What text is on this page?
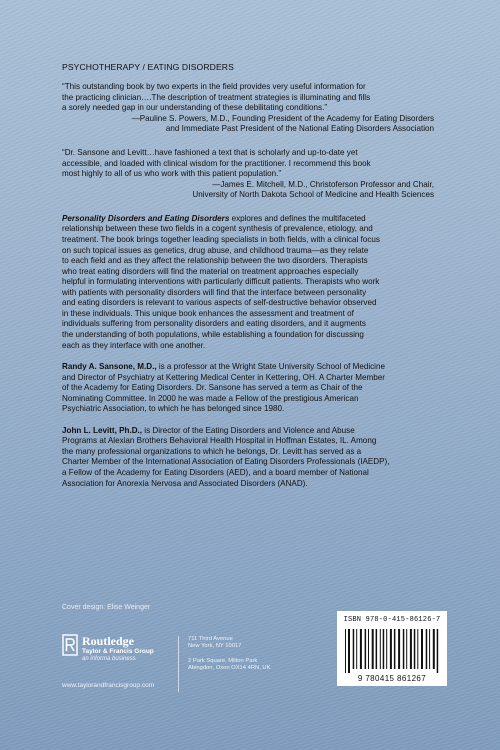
PSYCHOTHERAPY / EATING DISORDERS

“This outstanding book by two experts in the field provides very useful information for

the practicing clinician….The description of treatment strategies is illuminating and fills

a sorely needed gap in our understanding of these debilitating conditions.”

—Pauline S. Powers, M.D., Founding President of the Academy for Eating Disorders

and Immediate Past President of the National Eating Disorders Association

“Dr. Sansone and Levitt…have fashioned a text that is scholarly and up-to-date yet

accessible, and loaded with clinical wisdom for the practitioner. I recommend this book

most highly to all of us who work with this patient population.”

—James E. Mitchell, M.D., Christoferson Professor and Chair,

University of North Dakota School of Medicine and Health Sciences

Personality Disorders and Eating Disorders explores and defines the multifaceted
relationship between these two fields in a cogent synthesis of prevalence, etiology, and
treatment. The book brings together leading specialists in both fields, with a clinical focus
on such topical issues as genetics, drug abuse, and childhood trauma—as they relate
to each field and as they affect the relationship between the two disorders. Therapists
who treat eating disorders will find the material on treatment approaches especially
helpful in formulating interventions with particularly difficult patients. Therapists who work
with patients with personality disorders will find that the interface between personality
and eating disorders is relevant to various aspects of self-destructive behavior observed
in these individuals. This unique book enhances the assessment and treatment of
individuals suffering from personality disorders and eating disorders, and it augments
the understanding of both populations, while establishing a foundation for discussing
each as they interface with one another.
Randy A. Sansone, M.D., is a professor at the Wright State University School of Medicine
and Director of Psychiatry at Kettering Medical Center in Kettering, OH. A Charter Member
of the Academy for Eating Disorders. Dr. Sansone has served a term as Chair of the
Nominating Committee. In 2000 he was made a Fellow of the prestigious American
Psychiatric Association, to which he has belonged since 1980.
John L. Levitt, Ph.D., is Director of the Eating Disorders and Violence and Abuse
Programs at Alexian Brothers Behavioral Health Hospital in Hoffman Estates, IL. Among
the many professional organizations to which he belongs, Dr. Levitt has served as a
Charter Member of the International Association of Eating Disorders Professionals (IAEDP),
a Fellow of the Academy for Eating Disorders (AED), and a board member of National
Association for Anorexia Nervosa and Associated Disorders (ANAD).
Cover design: Elise Weinger
Routledge
Taylor & Francis Group
an informa business
www.taylorandfrancisgroup.com
711 Third Avenue
New York, NY 10017
2 Park Square, Milton Park
Abingdon, Oxon OX14 4RN, UK
ISBN 978-0-415-86126-7
9 780415 861267
